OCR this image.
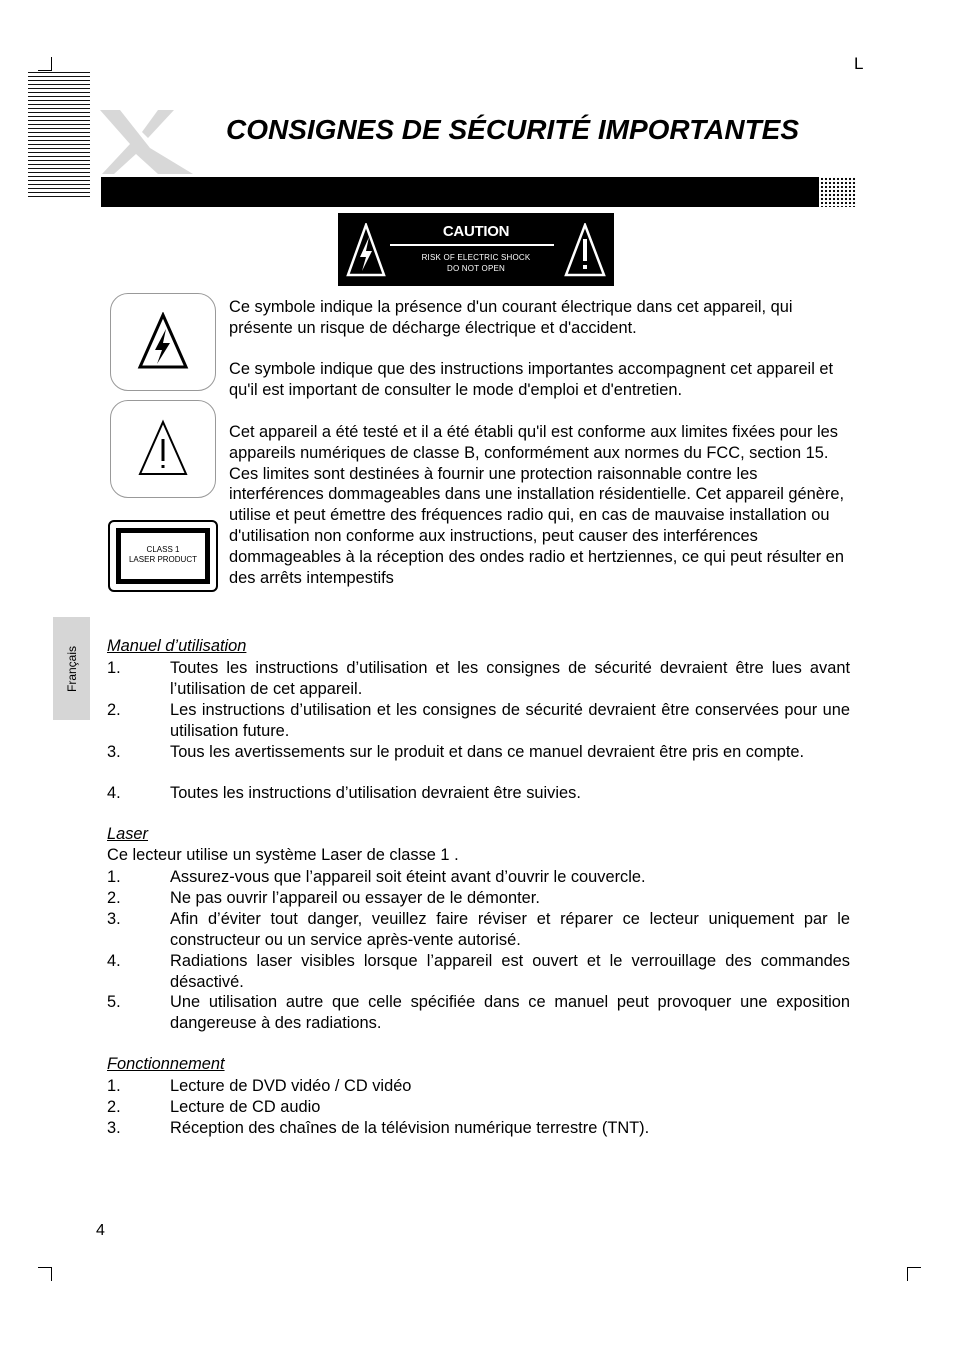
L
CONSIGNES DE SÉCURITÉ IMPORTANTES
CAUTION
RISK OF ELECTRIC SHOCK
DO NOT OPEN
CLASS 1
LASER PRODUCT
Ce symbole indique la présence d'un courant électrique dans cet appareil, qui présente un risque de décharge électrique et d'accident.
Ce symbole indique que des instructions importantes accompagnent cet appareil et qu'il est important de consulter le mode d'emploi et d'entretien.
Cet appareil a été testé et il a été établi qu'il est conforme aux limites fixées pour les appareils numériques de classe B, conformément aux normes du FCC, section 15. Ces limites sont destinées à fournir une protection raisonnable contre les interférences dommageables dans une installation résidentielle. Cet appareil génère, utilise et peut émettre des fréquences radio qui, en cas de mauvaise installation ou d'utilisation non conforme aux instructions, peut causer des interférences dommageables à la réception des ondes radio et hertziennes, ce qui peut résulter en des arrêts intempestifs
Français Manuel d’utilisation
1.	Toutes les instructions d’utilisation et les consignes de sécurité devraient être lues avant l’utilisation de cet appareil.
2.	Les instructions d’utilisation et les consignes de sécurité devraient être conservées pour une utilisation future.
3.	Tous les avertissements sur le produit et dans ce manuel devraient être pris en compte.
4.	Toutes les instructions d’utilisation devraient être suivies.
Laser
Ce lecteur utilise un système Laser de classe 1 .
1.	Assurez-vous que l’appareil soit éteint avant d’ouvrir le couvercle.
2.	Ne pas ouvrir l’appareil ou essayer de le démonter.
3.	Afin d’éviter tout danger, veuillez faire réviser et réparer ce lecteur uniquement par le constructeur ou un service après-vente autorisé.
4.	Radiations laser visibles lorsque l’appareil est ouvert et le verrouillage des commandes désactivé.
5.	Une utilisation autre que celle spécifiée dans ce manuel peut provoquer une exposition dangereuse à des radiations.
Fonctionnement
1.	Lecture de DVD vidéo / CD vidéo
2.	Lecture de CD audio
3.	Réception des chaînes de la télévision numérique terrestre (TNT).
4
